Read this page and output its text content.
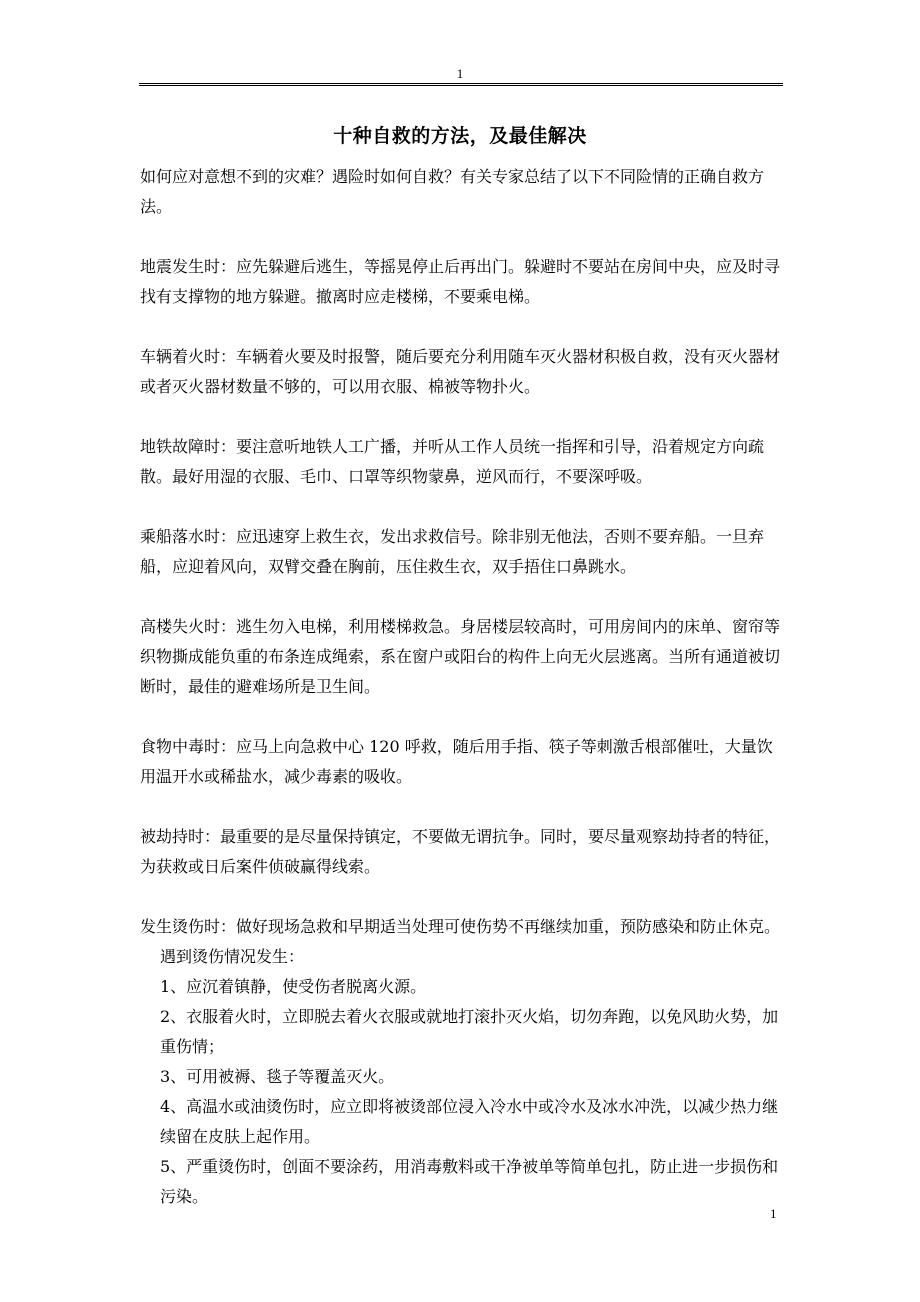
1
十种自救的方法，及最佳解决

如何应对意想不到的灾难？遇险时如何自救？有关专家总结了以下不同险情的正确自救方法。

地震发生时：应先躲避后逃生，等摇晃停止后再出门。躲避时不要站在房间中央，应及时寻找有支撑物的地方躲避。撤离时应走楼梯，不要乘电梯。

车辆着火时：车辆着火要及时报警，随后要充分利用随车灭火器材积极自救，没有灭火器材或者灭火器材数量不够的，可以用衣服、棉被等物扑火。

地铁故障时：要注意听地铁人工广播，并听从工作人员统一指挥和引导，沿着规定方向疏散。最好用湿的衣服、毛巾、口罩等织物蒙鼻，逆风而行，不要深呼吸。

乘船落水时：应迅速穿上救生衣，发出求救信号。除非别无他法，否则不要弃船。一旦弃船，应迎着风向，双臂交叠在胸前，压住救生衣，双手捂住口鼻跳水。

高楼失火时：逃生勿入电梯，利用楼梯救急。身居楼层较高时，可用房间内的床单、窗帘等织物撕成能负重的布条连成绳索，系在窗户或阳台的构件上向无火层逃离。当所有通道被切断时，最佳的避难场所是卫生间。

食物中毒时：应马上向急救中心 120 呼救，随后用手指、筷子等刺激舌根部催吐，大量饮用温开水或稀盐水，减少毒素的吸收。

被劫持时：最重要的是尽量保持镇定，不要做无谓抗争。同时，要尽量观察劫持者的特征，为获救或日后案件侦破赢得线索。

发生烫伤时：做好现场急救和早期适当处理可使伤势不再继续加重，预防感染和防止休克。

遇到烫伤情况发生：

1、应沉着镇静，使受伤者脱离火源。

2、衣服着火时，立即脱去着火衣服或就地打滚扑灭火焰，切勿奔跑，以免风助火势，加重伤情；

3、可用被褥、毯子等覆盖灭火。

4、高温水或油烫伤时，应立即将被烫部位浸入冷水中或冷水及冰水冲洗，以减少热力继续留在皮肤上起作用。

5、严重烫伤时，创面不要涂药，用消毒敷料或干净被单等简单包扎，防止进一步损伤和污染。

1
